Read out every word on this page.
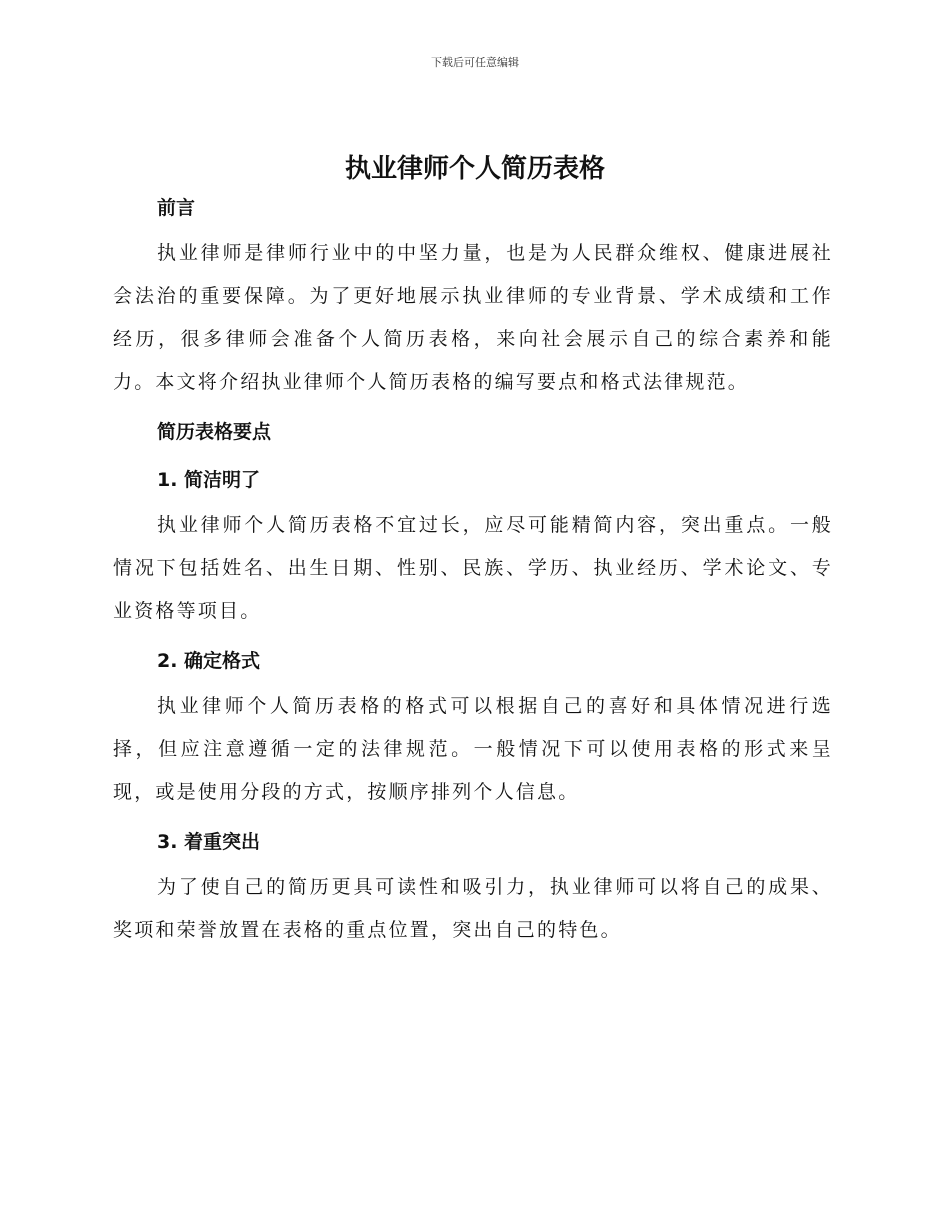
下载后可任意编辑
执业律师个人简历表格
前言

执业律师是律师行业中的中坚力量，也是为人民群众维权、健康进展社会法治的重要保障。为了更好地展示执业律师的专业背景、学术成绩和工作经历，很多律师会准备个人简历表格，来向社会展示自己的综合素养和能力。本文将介绍执业律师个人简历表格的编写要点和格式法律规范。

简历表格要点
1. 简洁明了

执业律师个人简历表格不宜过长，应尽可能精简内容，突出重点。一般情况下包括姓名、出生日期、性别、民族、学历、执业经历、学术论文、专业资格等项目。

2. 确定格式

执业律师个人简历表格的格式可以根据自己的喜好和具体情况进行选择，但应注意遵循一定的法律规范。一般情况下可以使用表格的形式来呈现，或是使用分段的方式，按顺序排列个人信息。

3. 着重突出

为了使自己的简历更具可读性和吸引力，执业律师可以将自己的成果、奖项和荣誉放置在表格的重点位置，突出自己的特色。
